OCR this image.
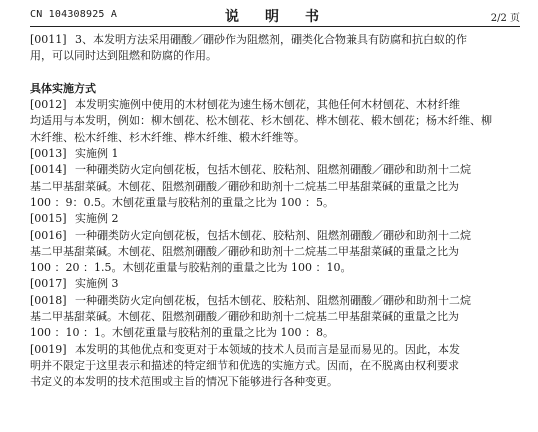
CN 104308925 A	说　明　书	2/2 页
[0011] 3、本发明方法采用硼酸／硼砂作为阻燃剂，硼类化合物兼具有防腐和抗白蚁的作
用，可以同时达到阻燃和防腐的作用。
具体实施方式
[0012] 本发明实施例中使用的木材刨花为速生杨木刨花，其他任何木材刨花、木材纤维
均适用与本发明，例如：柳木刨花、松木刨花、杉木刨花、桦木刨花、椴木刨花；杨木纤维、柳
木纤维、松木纤维、杉木纤维、桦木纤维、椴木纤维等。
[0013] 实施例 1
[0014] 一种硼类防火定向刨花板，包括木刨花、胶粘剂、阻燃剂硼酸／硼砂和助剂十二烷
基二甲基甜菜碱。木刨花、阻燃剂硼酸／硼砂和助剂十二烷基二甲基甜菜碱的重量之比为
100 ：9：0.5。木刨花重量与胶粘剂的重量之比为 100 ：5。
[0015] 实施例 2
[0016] 一种硼类防火定向刨花板，包括木刨花、胶粘剂、阻燃剂硼酸／硼砂和助剂十二烷
基二甲基甜菜碱。木刨花、阻燃剂硼酸／硼砂和助剂十二烷基二甲基甜菜碱的重量之比为
100 ：20 ：1.5。木刨花重量与胶粘剂的重量之比为 100 ：10。
[0017] 实施例 3
[0018] 一种硼类防火定向刨花板，包括木刨花、胶粘剂、阻燃剂硼酸／硼砂和助剂十二烷
基二甲基甜菜碱。木刨花、阻燃剂硼酸／硼砂和助剂十二烷基二甲基甜菜碱的重量之比为
100 ：10 ：1。木刨花重量与胶粘剂的重量之比为 100 ：8。
[0019] 本发明的其他优点和变更对于本领域的技术人员而言是显而易见的。因此，本发
明并不限定于这里表示和描述的特定细节和优选的实施方式。因而，在不脱离由权利要求
书定义的本发明的技术范围或主旨的情况下能够进行各种变更。
